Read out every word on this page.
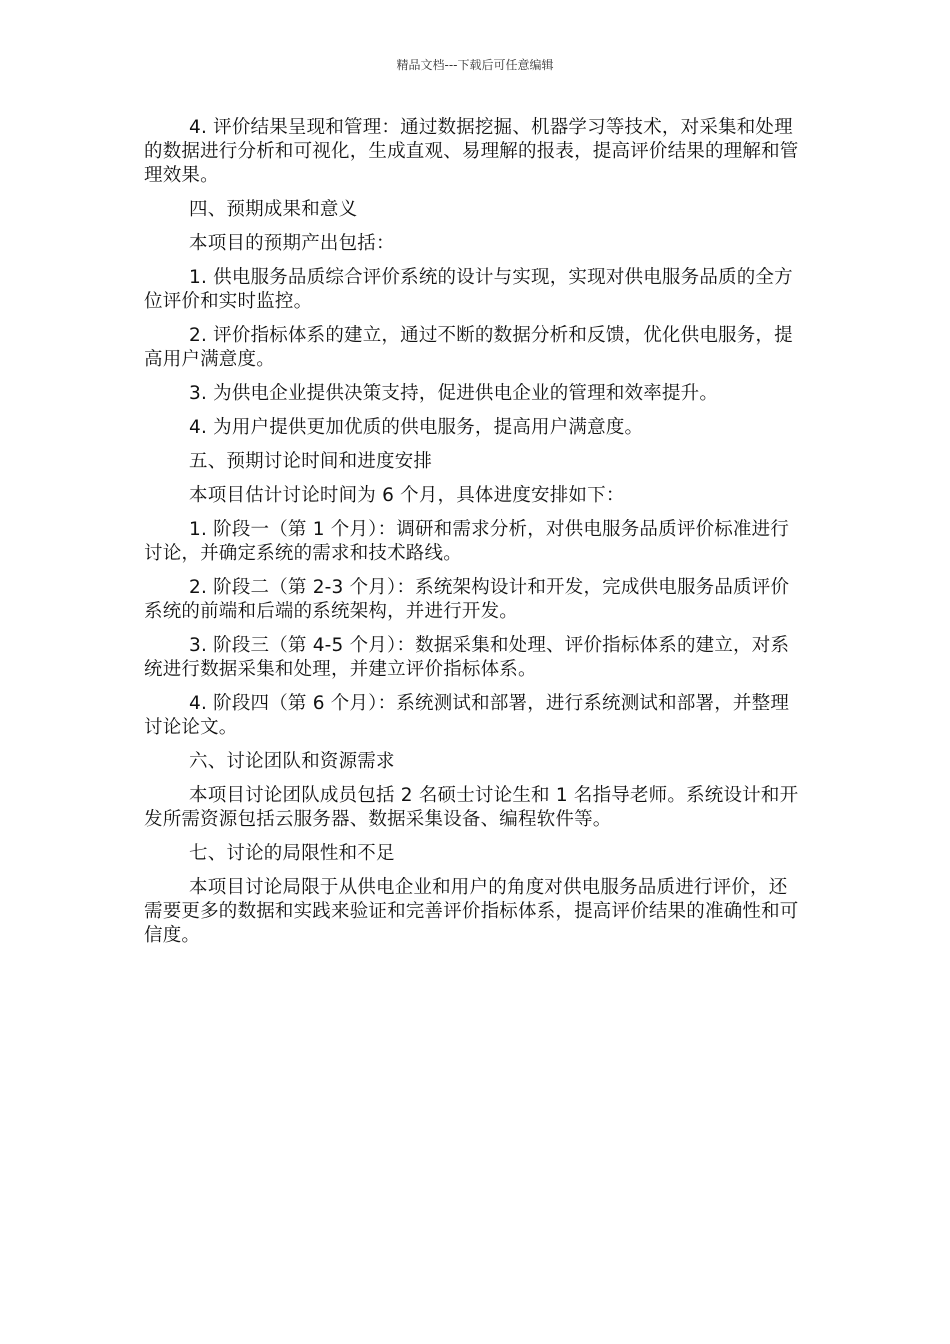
精品文档---下载后可任意编辑

4. 评价结果呈现和管理：通过数据挖掘、机器学习等技术，对采集和处理的数据进行分析和可视化，生成直观、易理解的报表，提高评价结果的理解和管理效果。

四、预期成果和意义

本项目的预期产出包括：

1. 供电服务品质综合评价系统的设计与实现，实现对供电服务品质的全方位评价和实时监控。

2. 评价指标体系的建立，通过不断的数据分析和反馈，优化供电服务，提高用户满意度。

3. 为供电企业提供决策支持，促进供电企业的管理和效率提升。

4. 为用户提供更加优质的供电服务，提高用户满意度。

五、预期讨论时间和进度安排

本项目估计讨论时间为 6 个月，具体进度安排如下：

1. 阶段一（第 1 个月）：调研和需求分析，对供电服务品质评价标准进行讨论，并确定系统的需求和技术路线。

2. 阶段二（第 2-3 个月）：系统架构设计和开发，完成供电服务品质评价系统的前端和后端的系统架构，并进行开发。

3. 阶段三（第 4-5 个月）：数据采集和处理、评价指标体系的建立，对系统进行数据采集和处理，并建立评价指标体系。

4. 阶段四（第 6 个月）：系统测试和部署，进行系统测试和部署，并整理讨论论文。

六、讨论团队和资源需求

本项目讨论团队成员包括 2 名硕士讨论生和 1 名指导老师。系统设计和开发所需资源包括云服务器、数据采集设备、编程软件等。

七、讨论的局限性和不足

本项目讨论局限于从供电企业和用户的角度对供电服务品质进行评价，还需要更多的数据和实践来验证和完善评价指标体系，提高评价结果的准确性和可信度。
